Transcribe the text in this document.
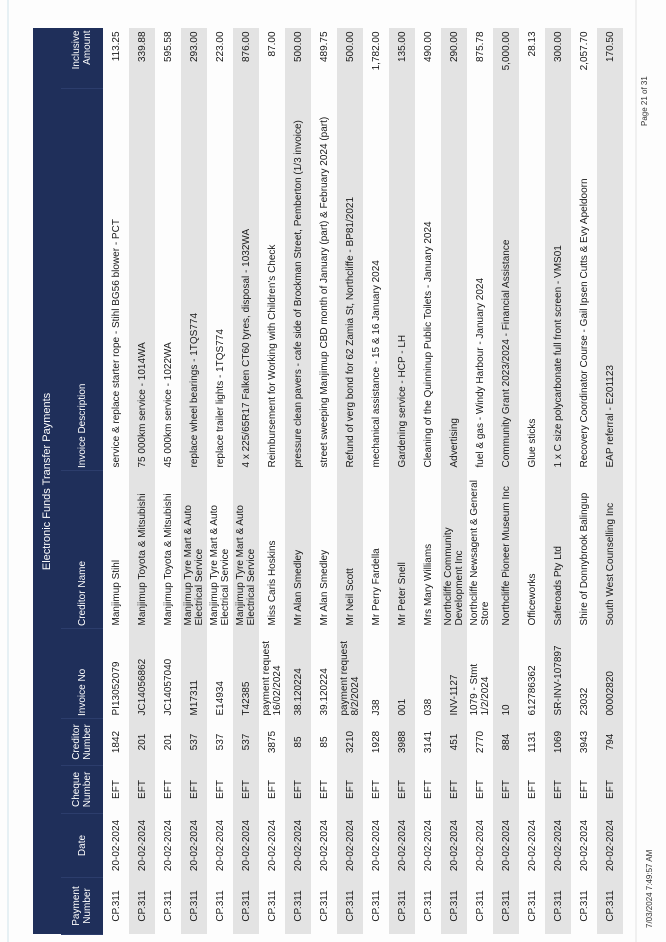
Electronic Funds Transfer Payments							
Payment Number	Date	Cheque Number	Creditor Number	Invoice No	Creditor Name	Invoice Description	Inclusive Amount
CP.311	20-02-2024	EFT	1842	PI13052079	Manjimup Stihl	service & replace starter rope - Stihl BG56 blower - PCT	113.25
CP.311	20-02-2024	EFT	201	JC14056862	Manjimup Toyota & Mitsubishi	75 000km service - 1014WA	339.88
CP.311	20-02-2024	EFT	201	JC14057040	Manjimup Toyota & Mitsubishi	45 000km service - 1022WA	595.58
CP.311	20-02-2024	EFT	537	M17311	Manjimup Tyre Mart & Auto Electrical Service	replace wheel bearings - 1TQS774	293.00
CP.311	20-02-2024	EFT	537	E14934	Manjimup Tyre Mart & Auto Electrical Service	replace trailer lights - 1TQS774	223.00
CP.311	20-02-2024	EFT	537	T42385	Manjimup Tyre Mart & Auto Electrical Service	4 x 225/65R17 Falken CT60 tyres, disposal - 1032WA	876.00
CP.311	20-02-2024	EFT	3875	payment request 16/02/2024	Miss Caris Hoskins	Reimbursement for Working with Children's Check	87.00
CP.311	20-02-2024	EFT	85	38.120224	Mr Alan Smedley	pressure clean pavers - cafe side of Brockman Street, Pemberton (1/3 invoice)	500.00
CP.311	20-02-2024	EFT	85	39.120224	Mr Alan Smedley	street sweeping Manjimup CBD month of January (part) & February 2024 (part)	489.75
CP.311	20-02-2024	EFT	3210	payment request 8/2/2024	Mr Neil Scott	Refund of verg bond for 62 Zamia St, Northcliffe - BP81/2021	500.00
CP.311	20-02-2024	EFT	1928	J38	Mr Perry Fardella	mechanical assistance - 15 & 16 January 2024	1,782.00
CP.311	20-02-2024	EFT	3988	001	Mr Peter Snell	Gardening service - HCP - LH	135.00
CP.311	20-02-2024	EFT	3141	038	Mrs Mary Williams	Cleaning of the Quinninup Public Toilets - January 2024	490.00
CP.311	20-02-2024	EFT	451	INV-1127	Northcliffe Community Development Inc	Advertising	290.00
CP.311	20-02-2024	EFT	2770	1079 - Stmt 1/2/2024	Northcliffe Newsagent & General Store	fuel & gas - Windy Harbour - January 2024	875.78
CP.311	20-02-2024	EFT	884	10	Northcliffe Pioneer Museum Inc	Community Grant 2023/2024 - Financial Assistance	5,000.00
CP.311	20-02-2024	EFT	1131	612786362	Officeworks	Glue sticks	28.13
CP.311	20-02-2024	EFT	1069	SR-INV-107897	Saferoads Pty Ltd	1 x C size polycarbonate full front screen - VMS01	300.00
CP.311	20-02-2024	EFT	3943	23032	Shire of Donnybrook Balingup	Recovery Coordinator Course - Gail Ipsen Cutts & Evy Apeldoorn	2,057.70
CP.311	20-02-2024	EFT	794	00002820	South West Counselling Inc	EAP referral - E201123	170.50
7/03/2024 7:49:57 AM
Page 21 of 31
